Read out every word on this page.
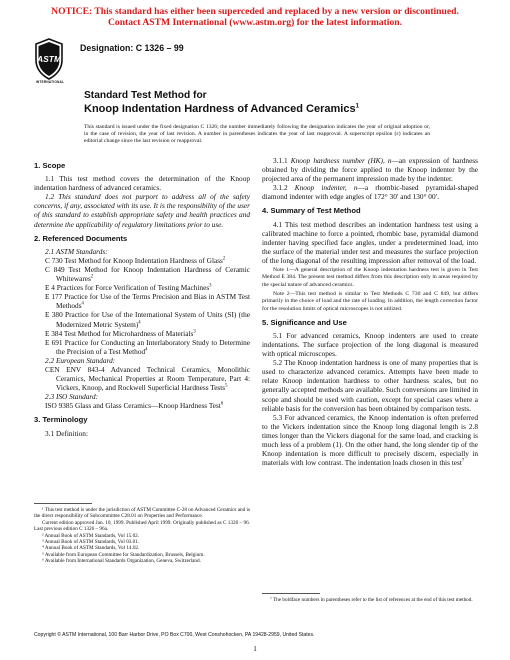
NOTICE: This standard has either been superceded and replaced by a new version or discontinued.
Contact ASTM International (www.astm.org) for the latest information.
ASTM
INTERNATIONAL
Designation: C 1326 – 99
Standard Test Method for
Knoop Indentation Hardness of Advanced Ceramics$^1$
This standard is issued under the fixed designation C 1326; the number immediately following the designation indicates the year of original adoption or, in the case of revision, the year of last revision. A number in parentheses indicates the year of last reapproval. A superscript epsilon (ε) indicates an editorial change since the last revision or reapproval.

1. Scope

1.1 This test method covers the determination of the Knoop indentation hardness of advanced ceramics.

1.2 This standard does not purport to address all of the safety concerns, if any, associated with its use. It is the responsibility of the user of this standard to establish appropriate safety and health practices and determine the applicability of regulatory limitations prior to use.

2. Referenced Documents

2.1 ASTM Standards:

C 730 Test Method for Knoop Indentation Hardness of Glass$^2$

C 849 Test Method for Knoop Indentation Hardness of Ceramic Whitewares$^2$

E 4 Practices for Force Verification of Testing Machines$^3$

E 177 Practice for Use of the Terms Precision and Bias in ASTM Test Methods$^4$

E 380 Practice for Use of the International System of Units (SI) (the Modernized Metric System)$^4$

E 384 Test Method for Microhardness of Materials$^3$

E 691 Practice for Conducting an Interlaboratory Study to Determine the Precision of a Test Method$^4$

2.2 European Standard:

CEN ENV 843-4 Advanced Technical Ceramics, Monolithic Ceramics, Mechanical Properties at Room Temperature, Part 4: Vickers, Knoop, and Rockwell Superficial Hardness Tests$^5$

2.3 ISO Standard:

ISO 9385 Glass and Glass Ceramics—Knoop Hardness Test$^6$

3. Terminology

3.1 Definition:

¹ This test method is under the jurisdiction of ASTM Committee C-28 on Advanced Ceramics and is the direct responsibility of Subcommittee C28.01 on Properties and Performance.

Current edition approved Jan. 10, 1999. Published April 1999. Originally published as C 1326 – 96. Last previous edition C 1326 – 96a.

² Annual Book of ASTM Standards, Vol 15.02.

³ Annual Book of ASTM Standards, Vol 03.01.

⁴ Annual Book of ASTM Standards, Vol 14.02.

⁵ Available from European Committee for Standardization, Brussels, Belgium.

⁶ Available from International Standards Organization, Geneva, Switzerland.

3.1.1 Knoop hardness number (HK), n—an expression of hardness obtained by dividing the force applied to the Knoop indenter by the projected area of the permanent impression made by the indenter.

3.1.2 Knoop indenter, n—a rhombic-based pyramidal-shaped diamond indenter with edge angles of 172° 30′ and 130° 00′.

4. Summary of Test Method

4.1 This test method describes an indentation hardness test using a calibrated machine to force a pointed, rhombic base, pyramidal diamond indenter having specified face angles, under a predetermined load, into the surface of the material under test and measures the surface projection of the long diagonal of the resulting impression after removal of the load.

Note 1—A general description of the Knoop indentation hardness test is given in Test Method E 384. The present test method differs from this description only in areas required by the special nature of advanced ceramics.

Note 2—This test method is similar to Test Methods C 730 and C 849, but differs primarily in the choice of load and the rate of loading. In addition, the length correction factor for the resolution limits of optical microscopes is not utilized.

5. Significance and Use

5.1 For advanced ceramics, Knoop indenters are used to create indentations. The surface projection of the long diagonal is measured with optical microscopes.

5.2 The Knoop indentation hardness is one of many properties that is used to characterize advanced ceramics. Attempts have been made to relate Knoop indentation hardness to other hardness scales, but no generally accepted methods are available. Such conversions are limited in scope and should be used with caution, except for special cases where a reliable basis for the conversion has been obtained by comparison tests.

5.3 For advanced ceramics, the Knoop indentation is often preferred to the Vickers indentation since the Knoop long diagonal length is 2.8 times longer than the Vickers diagonal for the same load, and cracking is much less of a problem (1). On the other hand, the long slender tip of the Knoop indentation is more difficult to precisely discern, especially in materials with low contrast. The indentation loads chosen in this test$^7$

⁷ The boldface numbers in parentheses refer to the list of references at the end of this test method.

Copyright © ASTM International, 100 Barr Harbor Drive, PO Box C700, West Conshohocken, PA 19428-2959, United States.
1
